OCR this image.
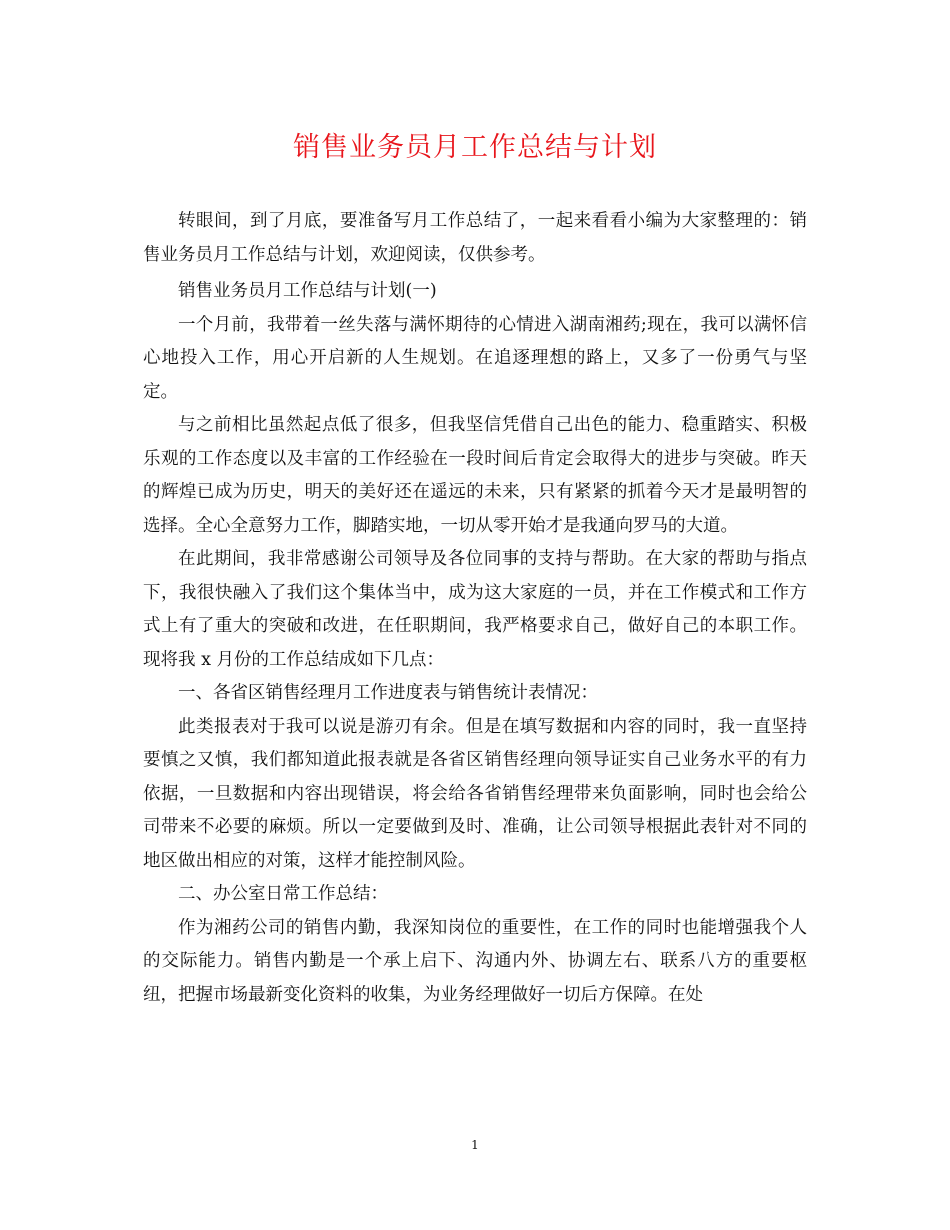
销售业务员月工作总结与计划

转眼间，到了月底，要准备写月工作总结了，一起来看看小编为大家整理的：销售业务员月工作总结与计划，欢迎阅读，仅供参考。

销售业务员月工作总结与计划(一)

一个月前，我带着一丝失落与满怀期待的心情进入湖南湘药;现在，我可以满怀信心地投入工作，用心开启新的人生规划。在追逐理想的路上，又多了一份勇气与坚定。

与之前相比虽然起点低了很多，但我坚信凭借自己出色的能力、稳重踏实、积极乐观的工作态度以及丰富的工作经验在一段时间后肯定会取得大的进步与突破。昨天的辉煌已成为历史，明天的美好还在遥远的未来，只有紧紧的抓着今天才是最明智的选择。全心全意努力工作，脚踏实地，一切从零开始才是我通向罗马的大道。

在此期间，我非常感谢公司领导及各位同事的支持与帮助。在大家的帮助与指点下，我很快融入了我们这个集体当中，成为这大家庭的一员，并在工作模式和工作方式上有了重大的突破和改进，在任职期间，我严格要求自己，做好自己的本职工作。现将我 x 月份的工作总结成如下几点：

一、各省区销售经理月工作进度表与销售统计表情况：

此类报表对于我可以说是游刃有余。但是在填写数据和内容的同时，我一直坚持要慎之又慎，我们都知道此报表就是各省区销售经理向领导证实自己业务水平的有力依据，一旦数据和内容出现错误，将会给各省销售经理带来负面影响，同时也会给公司带来不必要的麻烦。所以一定要做到及时、准确，让公司领导根据此表针对不同的地区做出相应的对策，这样才能控制风险。

二、办公室日常工作总结：

作为湘药公司的销售内勤，我深知岗位的重要性，在工作的同时也能增强我个人的交际能力。销售内勤是一个承上启下、沟通内外、协调左右、联系八方的重要枢纽，把握市场最新变化资料的收集，为业务经理做好一切后方保障。在处

1
